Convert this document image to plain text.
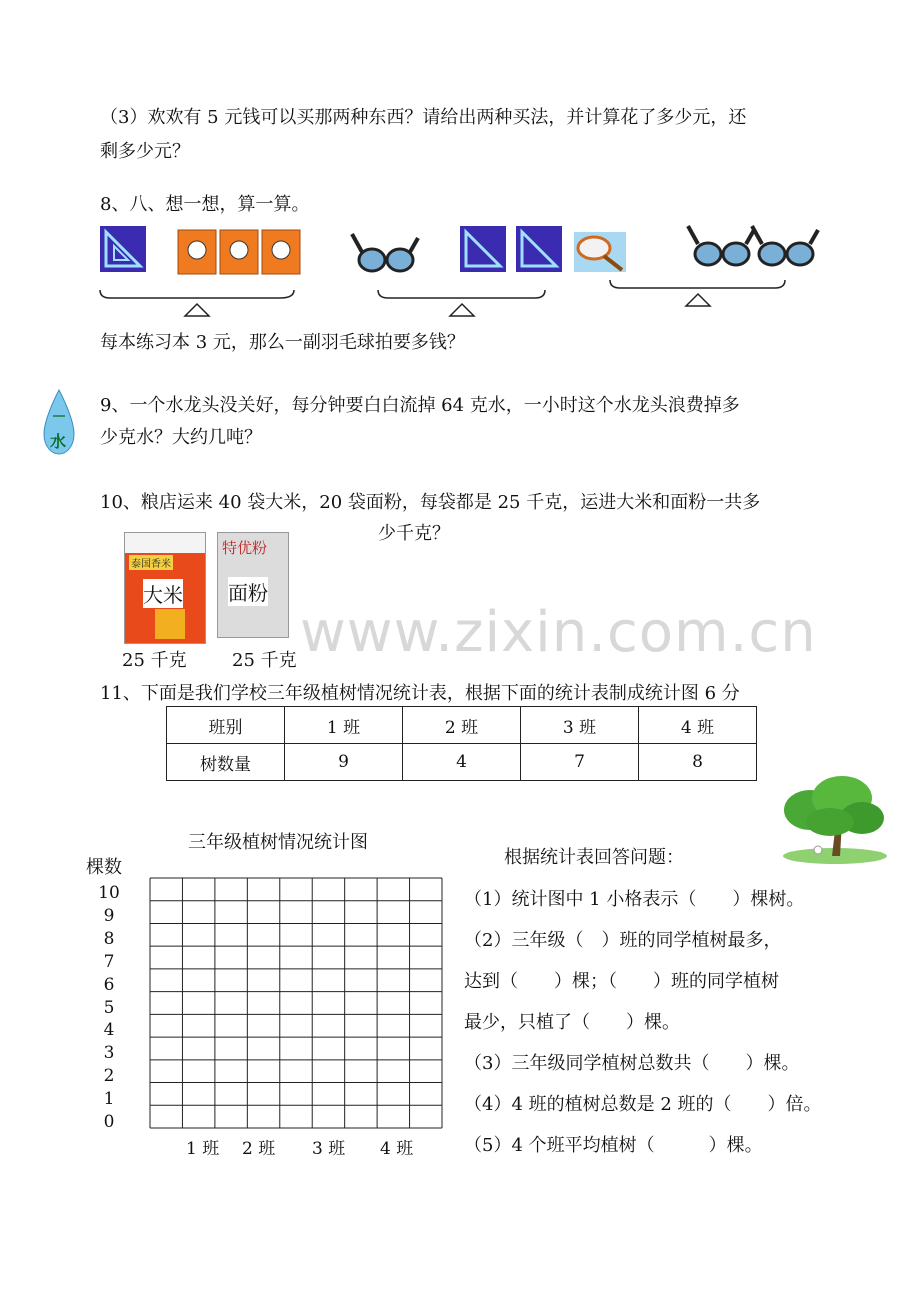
（3）欢欢有 5 元钱可以买那两种东西？请给出两种买法，并计算花了多少元，还
剩多少元？
8、八、想一想，算一算。
每本练习本 3 元，那么一副羽毛球拍要多钱？
水
9、一个水龙头没关好，每分钟要白白流掉 64 克水，一小时这个水龙头浪费掉多
少克水？大约几吨？
10、粮店运来 40 袋大米，20 袋面粉，每袋都是 25 千克，运进大米和面粉一共多
少千克？
泰国香米
大米
特优粉
面粉
www.zixin.com.cn
25 千克	25 千克
11、下面是我们学校三年级植树情况统计表，根据下面的统计表制成统计图 6 分
班别	1 班	2 班	3 班	4 班
树数量	9	4	7	8
三年级植树情况统计图
棵数
10
9
8
7
6
5
4
3
2
1
0
1 班 2 班 3 班 4 班
根据统计表回答问题：
（1）统计图中 1 小格表示（　　）棵树。
（2）三年级（　）班的同学植树最多，
达到（　　）棵；（　　）班的同学植树
最少，只植了（　　）棵。
（3）三年级同学植树总数共（　　）棵。
（4）4 班的植树总数是 2 班的（　　）倍。
（5）4 个班平均植树（　　　）棵。
